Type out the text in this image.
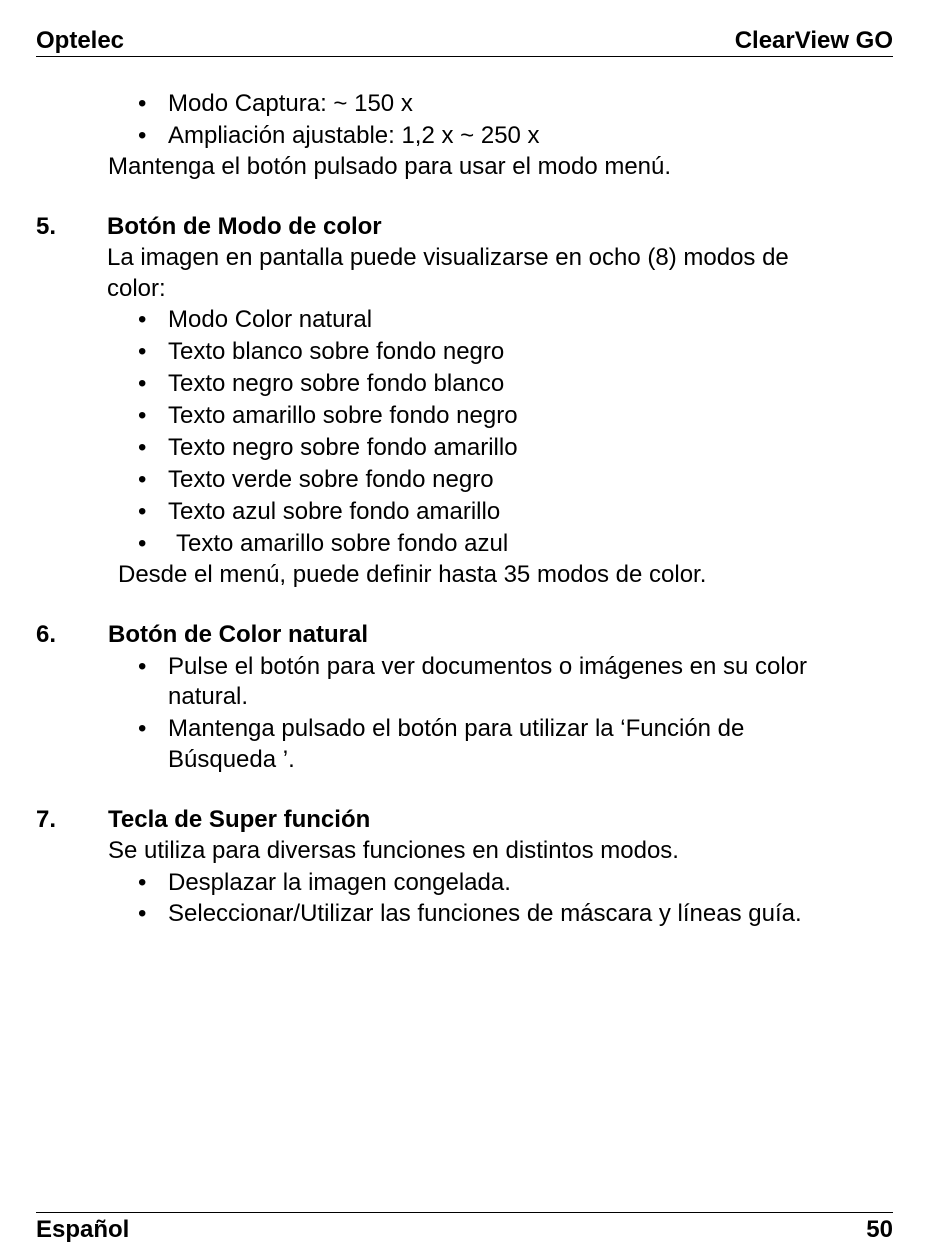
Optelec	ClearView GO
• Modo Captura: ~ 150 x
• Ampliación ajustable: 1,2 x ~ 250 x
Mantenga el botón pulsado para usar el modo menú.
5. Botón de Modo de color
La imagen en pantalla puede visualizarse en ocho (8) modos de
color:
• Modo Color natural
• Texto blanco sobre fondo negro
• Texto negro sobre fondo blanco
• Texto amarillo sobre fondo negro
• Texto negro sobre fondo amarillo
• Texto verde sobre fondo negro
• Texto azul sobre fondo amarillo
• Texto amarillo sobre fondo azul
Desde el menú, puede definir hasta 35 modos de color.
6. Botón de Color natural
• Pulse el botón para ver documentos o imágenes en su color
natural.
• Mantenga pulsado el botón para utilizar la ‘Función de
Búsqueda ’.
7. Tecla de Super función
Se utiliza para diversas funciones en distintos modos.
• Desplazar la imagen congelada.
• Seleccionar/Utilizar las funciones de máscara y líneas guía.
Español	50
